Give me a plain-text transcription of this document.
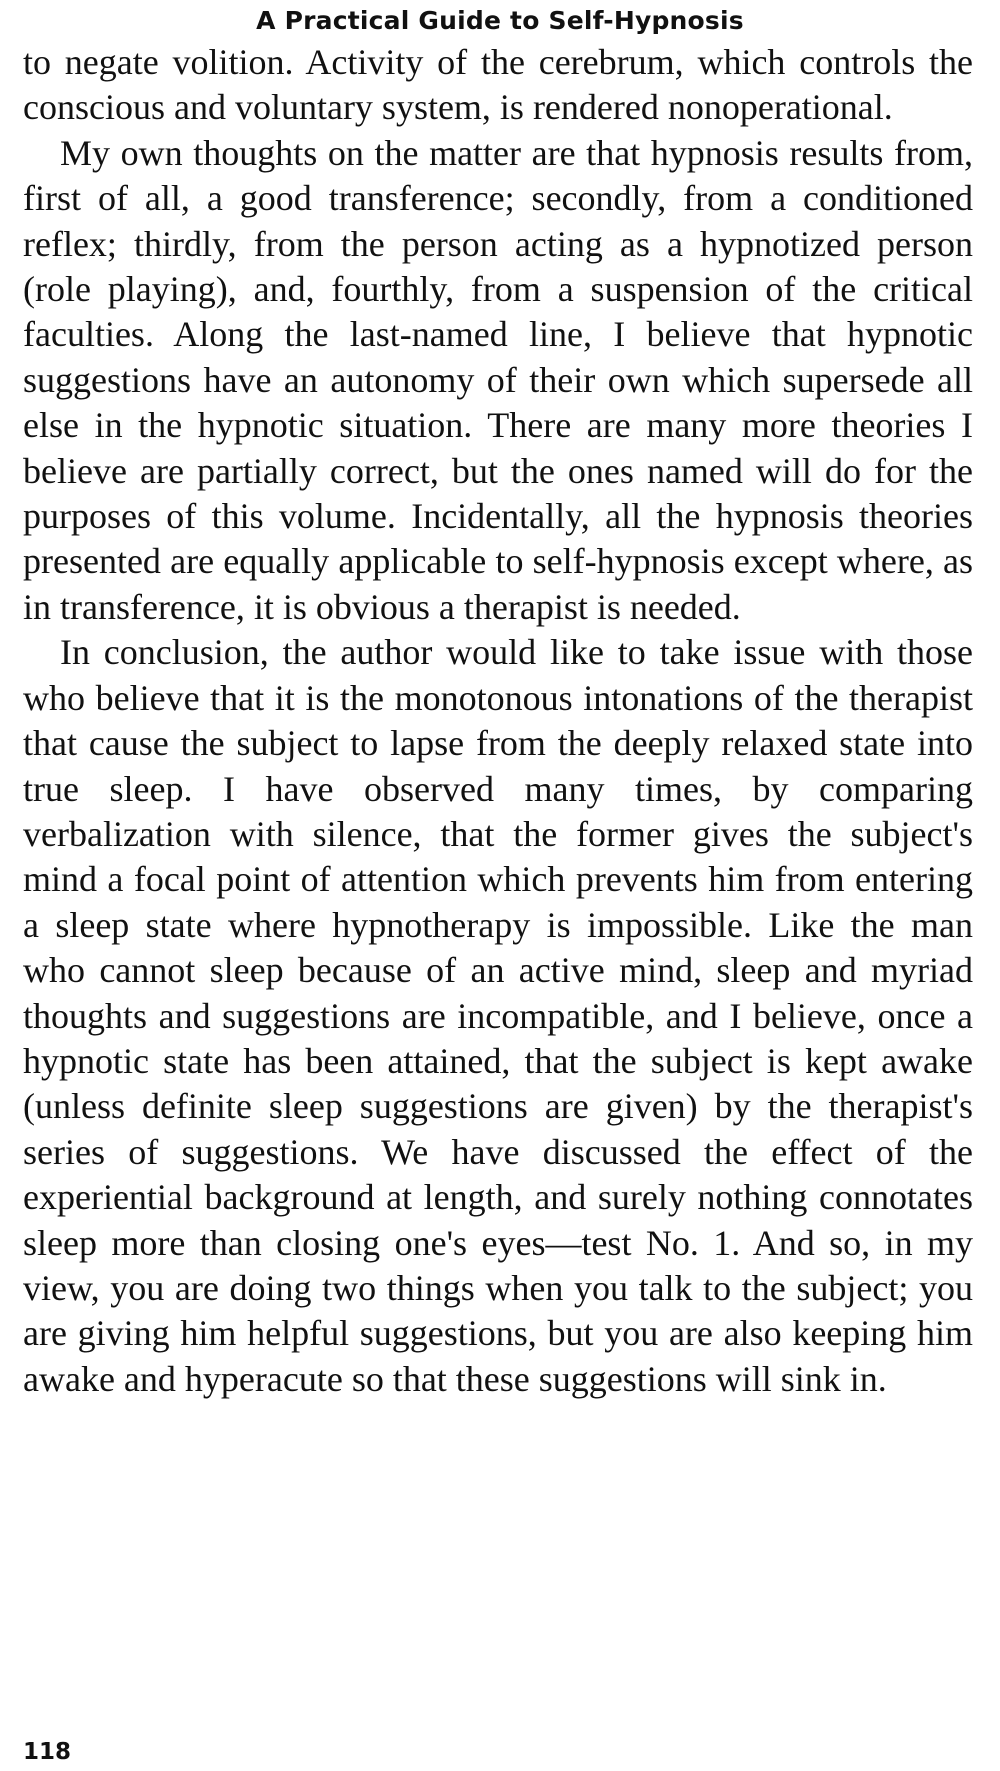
A Practical Guide to Self-Hypnosis

to negate volition. Activity of the cerebrum, which controls the conscious and voluntary system, is rendered nonoperational.

My own thoughts on the matter are that hypnosis results from, first of all, a good transference; secondly, from a conditioned reflex; thirdly, from the person acting as a hypnotized person (role playing), and, fourthly, from a suspension of the critical faculties. Along the last-named line, I believe that hypnotic suggestions have an autonomy of their own which supersede all else in the hypnotic situation. There are many more theories I believe are partially correct, but the ones named will do for the purposes of this volume. Incidentally, all the hypnosis theories presented are equally applicable to self-hypnosis except where, as in transference, it is obvious a therapist is needed.

In conclusion, the author would like to take issue with those who believe that it is the monotonous intonations of the therapist that cause the subject to lapse from the deeply relaxed state into true sleep. I have observed many times, by comparing verbalization with silence, that the former gives the subject's mind a focal point of attention which prevents him from entering a sleep state where hypnotherapy is impossible. Like the man who cannot sleep because of an active mind, sleep and myriad thoughts and suggestions are incompatible, and I believe, once a hypnotic state has been attained, that the subject is kept awake (unless definite sleep suggestions are given) by the therapist's series of suggestions. We have discussed the effect of the experiential background at length, and surely nothing connotates sleep more than closing one's eyes—test No. 1. And so, in my view, you are doing two things when you talk to the subject; you are giving him helpful suggestions, but you are also keeping him awake and hyperacute so that these suggestions will sink in.

118
